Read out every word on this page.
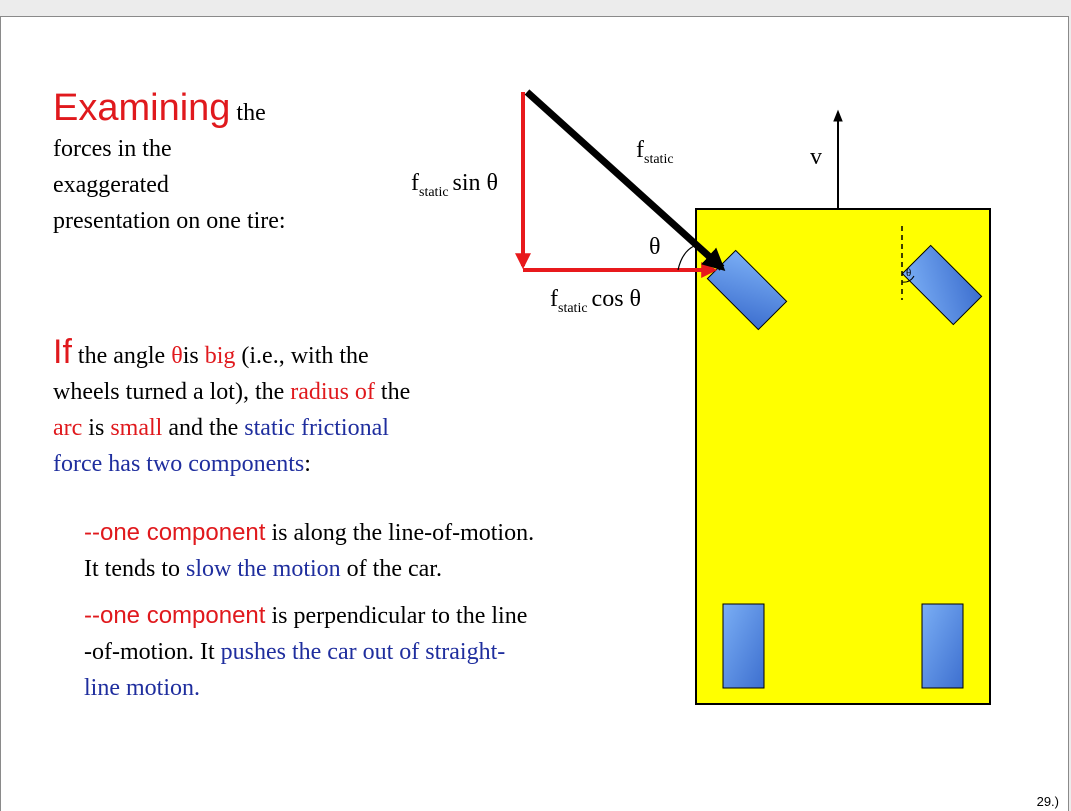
Examining the
forces in the
exaggerated
presentation on one tire:
If the angle θis big (i.e., with the
wheels turned a lot), the radius of the
arc is small and the static frictional
force has two components:
--one component is along the line-of-motion.
It tends to slow the motion of the car.
--one component is perpendicular to the line
-of-motion. It pushes the car out of straight-
line motion.
$f_{static}$
$f_{static}$ sin θ
$f_{static}$ cos θ
θ
v
θ
29.)
